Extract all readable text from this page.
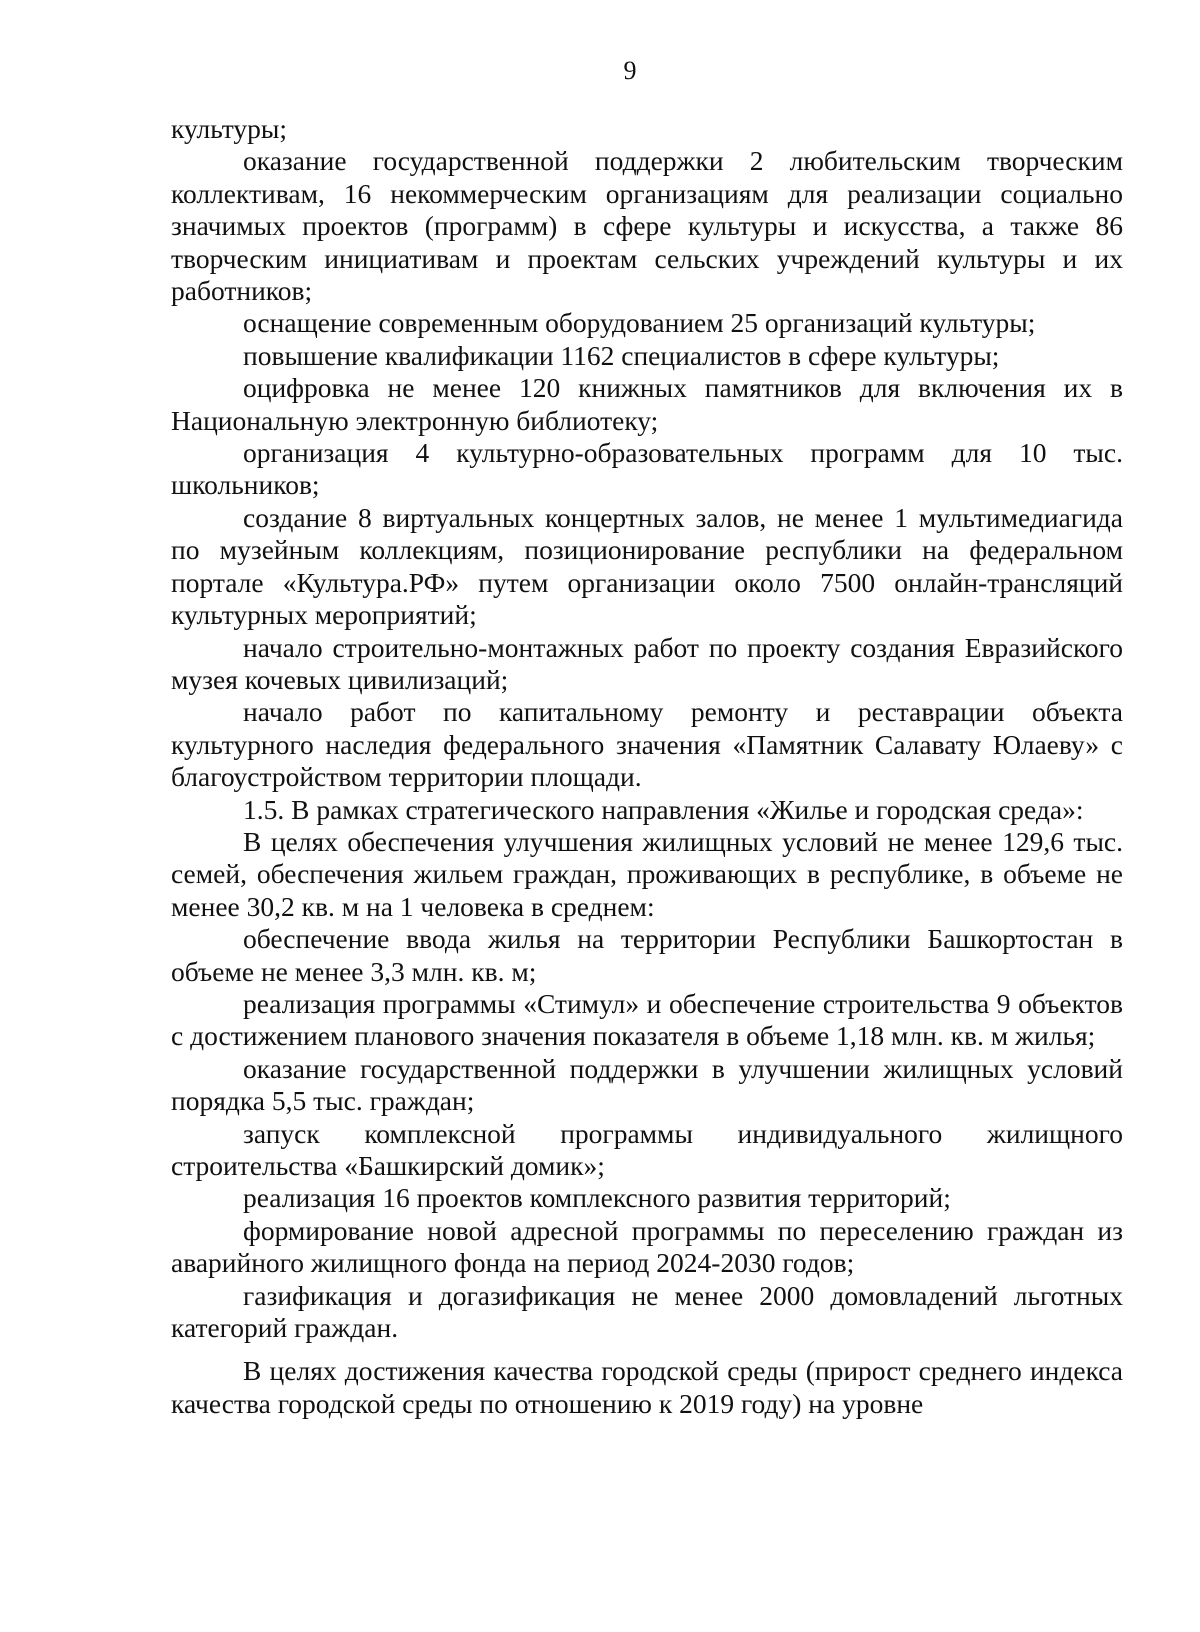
9

культуры;

оказание государственной поддержки 2 любительским творческим коллективам, 16 некоммерческим организациям для реализации социально значимых проектов (программ) в сфере культуры и искусства, а также 86 творческим инициативам и проектам сельских учреждений культуры и их работников;

оснащение современным оборудованием 25 организаций культуры;

повышение квалификации 1162 специалистов в сфере культуры;

оцифровка не менее 120 книжных памятников для включения их в Национальную электронную библиотеку;

организация 4 культурно-образовательных программ для 10 тыс. школьников;

создание 8 виртуальных концертных залов, не менее 1 мультимедиагида по музейным коллекциям, позиционирование республики на федеральном портале «Культура.РФ» путем организации около 7500 онлайн-трансляций культурных мероприятий;

начало строительно-монтажных работ по проекту создания Евразийского музея кочевых цивилизаций;

начало работ по капитальному ремонту и реставрации объекта культурного наследия федерального значения «Памятник Салавату Юлаеву» с благоустройством территории площади.

1.5. В рамках стратегического направления «Жилье и городская среда»:

В целях обеспечения улучшения жилищных условий не менее 129,6 тыс. семей, обеспечения жильем граждан, проживающих в республике, в объеме не менее 30,2 кв. м на 1 человека в среднем:

обеспечение ввода жилья на территории Республики Башкортостан в объеме не менее 3,3 млн. кв. м;

реализация программы «Стимул» и обеспечение строительства 9 объектов с достижением планового значения показателя в объеме 1,18 млн. кв. м жилья;

оказание государственной поддержки в улучшении жилищных условий порядка 5,5 тыс. граждан;

запуск комплексной программы индивидуального жилищного строительства «Башкирский домик»;

реализация 16 проектов комплексного развития территорий;

формирование новой адресной программы по переселению граждан из аварийного жилищного фонда на период 2024-2030 годов;

газификация и догазификация не менее 2000 домовладений льготных категорий граждан.

В целях достижения качества городской среды (прирост среднего индекса качества городской среды по отношению к 2019 году) на уровне
